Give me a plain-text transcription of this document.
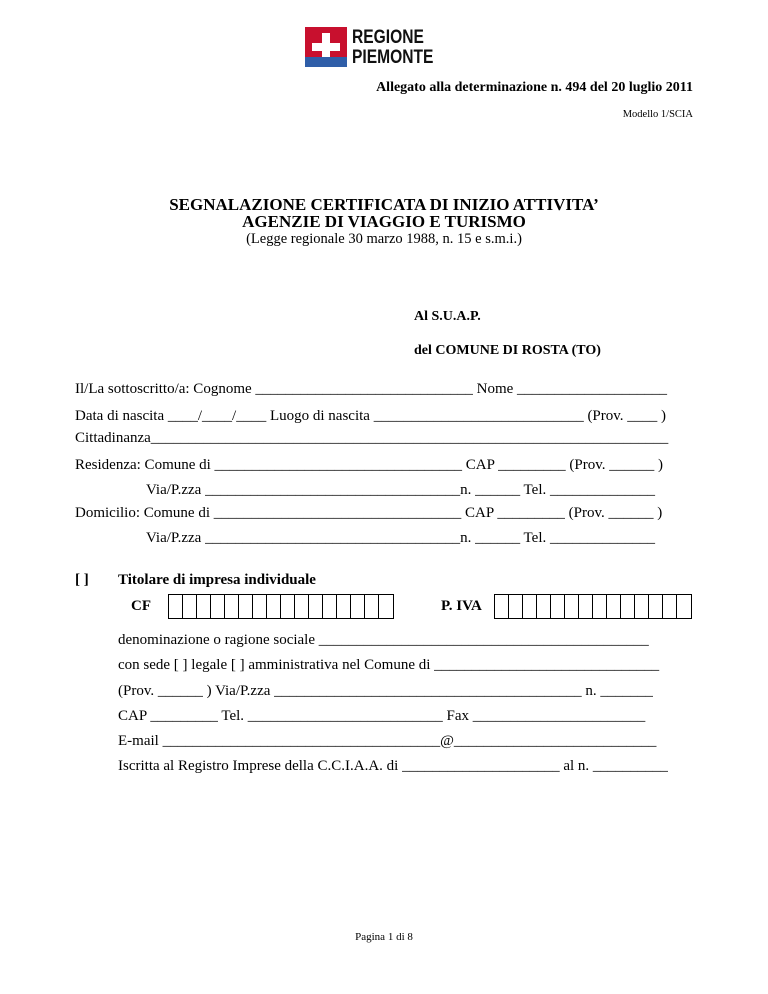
REGIONE
PIEMONTE
Allegato alla determinazione n. 494 del 20 luglio 2011
Modello 1/SCIA
SEGNALAZIONE CERTIFICATA DI INIZIO ATTIVITA’
AGENZIE DI VIAGGIO E TURISMO
(Legge regionale 30 marzo 1988, n. 15 e s.m.i.)
Al S.U.A.P.
del COMUNE DI ROSTA (TO)
Il/La sottoscritto/a: Cognome _____________________________ Nome ____________________
Data di nascita ____/____/____ Luogo di nascita ____________________________ (Prov. ____ )
Cittadinanza_____________________________________________________________________
Residenza: Comune di _________________________________ CAP _________ (Prov. ______ )
Via/P.zza __________________________________n. ______ Tel. ______________
Domicilio: Comune di _________________________________ CAP _________ (Prov. ______ )
Via/P.zza __________________________________n. ______ Tel. ______________
[ ] Titolare di impresa individuale
CF	P. IVA
denominazione o ragione sociale ____________________________________________
con sede [ ] legale [ ] amministrativa nel Comune di ______________________________
(Prov. ______ ) Via/P.zza _________________________________________ n. _______
CAP _________ Tel. __________________________ Fax _______________________
E-mail _____________________________________@___________________________
Iscritta al Registro Imprese della C.C.I.A.A. di _____________________ al n. __________
Pagina 1 di 8
